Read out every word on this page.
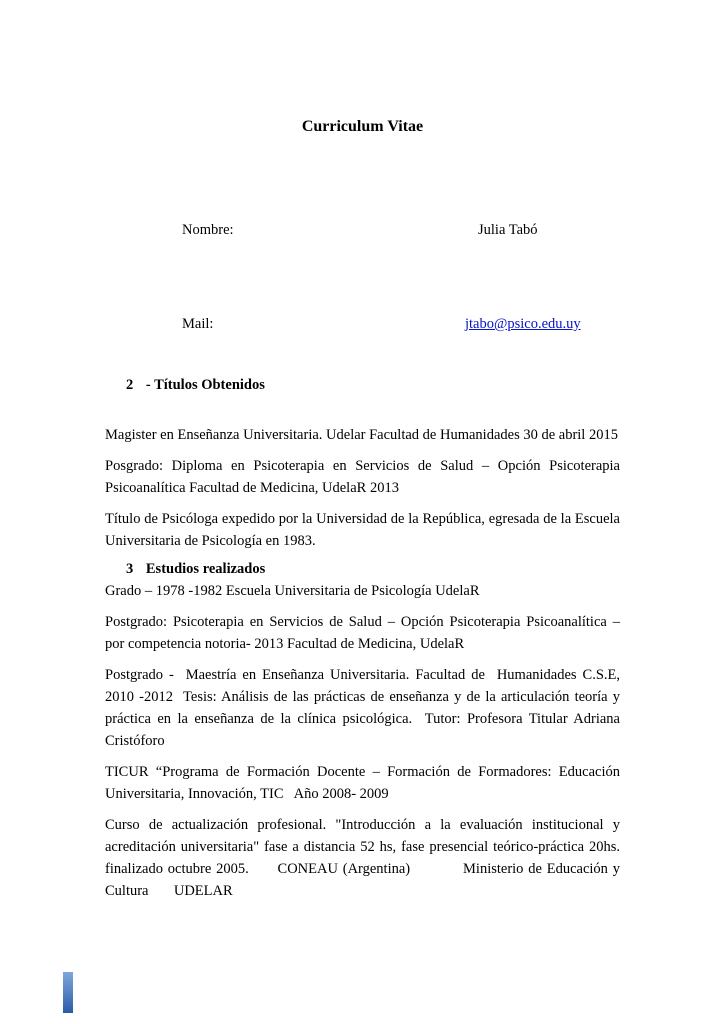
Curriculum Vitae
Nombre:	Julia Tabó
Mail:	jtabo@psico.edu.uy
2 - Títulos Obtenidos

Magister en Enseñanza Universitaria. Udelar Facultad de Humanidades 30 de abril 2015

Posgrado: Diploma en Psicoterapia en Servicios de Salud – Opción Psicoterapia Psicoanalítica Facultad de Medicina, UdelaR 2013

Título de Psicóloga expedido por la Universidad de la República, egresada de la Escuela Universitaria de Psicología en 1983.

3 Estudios realizados

Grado – 1978 -1982 Escuela Universitaria de Psicología UdelaR

Postgrado: Psicoterapia en Servicios de Salud – Opción Psicoterapia Psicoanalítica – por competencia notoria- 2013 Facultad de Medicina, UdelaR

Postgrado -  Maestría en Enseñanza Universitaria. Facultad de  Humanidades C.S.E, 2010 -2012  Tesis: Análisis de las prácticas de enseñanza y de la articulación teoría y práctica en la enseñanza de la clínica psicológica.  Tutor: Profesora Titular Adriana Cristóforo

TICUR “Programa de Formación Docente – Formación de Formadores: Educación Universitaria, Innovación, TIC   Año 2008- 2009

Curso de actualización profesional. "Introducción a la evaluación institucional y acreditación universitaria" fase a distancia 52 hs, fase presencial teórico-práctica 20hs. finalizado octubre 2005.      CONEAU (Argentina)           Ministerio de Educación y Cultura       UDELAR
